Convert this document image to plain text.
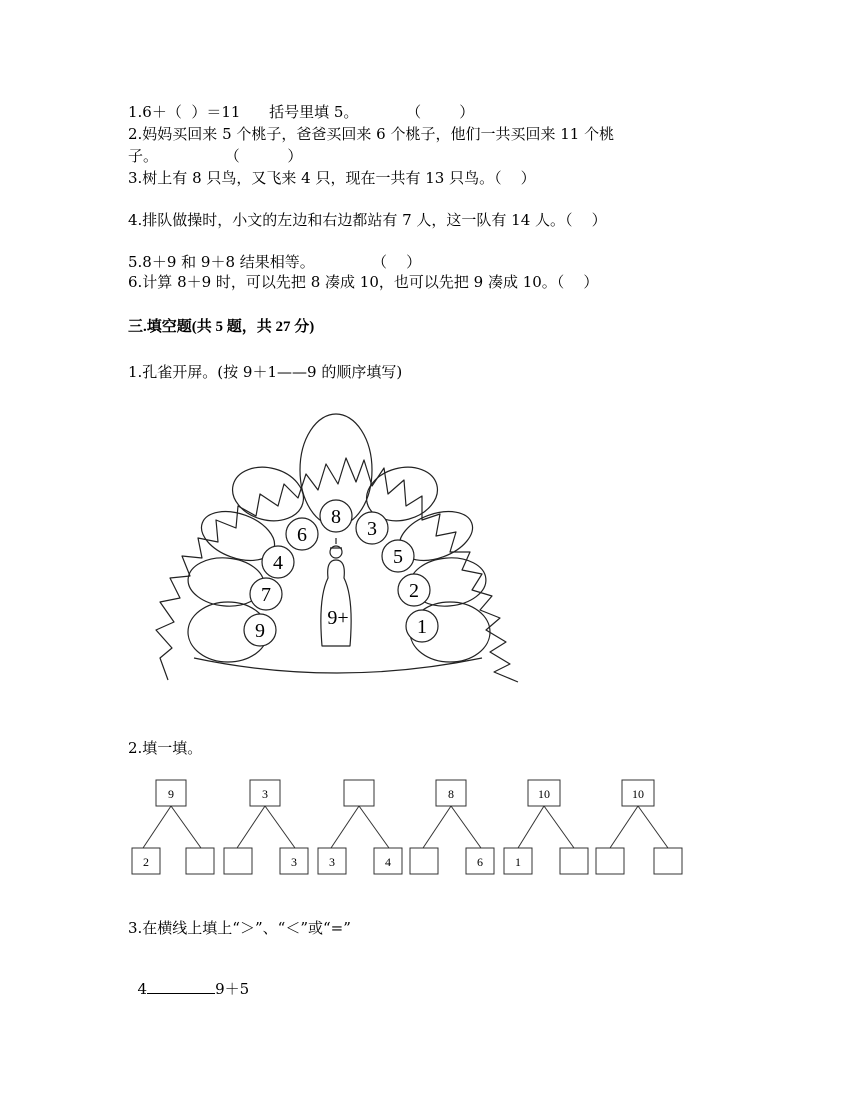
1.6＋（  ）＝11      括号里填 5。          （        ）
2.妈妈买回来 5 个桃子，爸爸买回来 6 个桃子，他们一共买回来 11 个桃
子。              （          ）
3.树上有 8 只鸟，又飞来 4 只，现在一共有 13 只鸟。（    ）
4.排队做操时，小文的左边和右边都站有 7 人，这一队有 14 人。（    ）
5.8＋9 和 9＋8 结果相等。            （    ）
6.计算 8＋9 时，可以先把 8 凑成 10，也可以先把 9 凑成 10。（    ）
三.填空题(共 5 题，共 27 分)
1.孔雀开屏。(按 9＋1——9 的顺序填写)
6
8
3
4	5
7	2
9	1
9+
2.填一填。
9
2
3
3	3	4
8
6
10
1
10
3.在横线上填上“＞”、“＜”或“=”

4	9＋5
